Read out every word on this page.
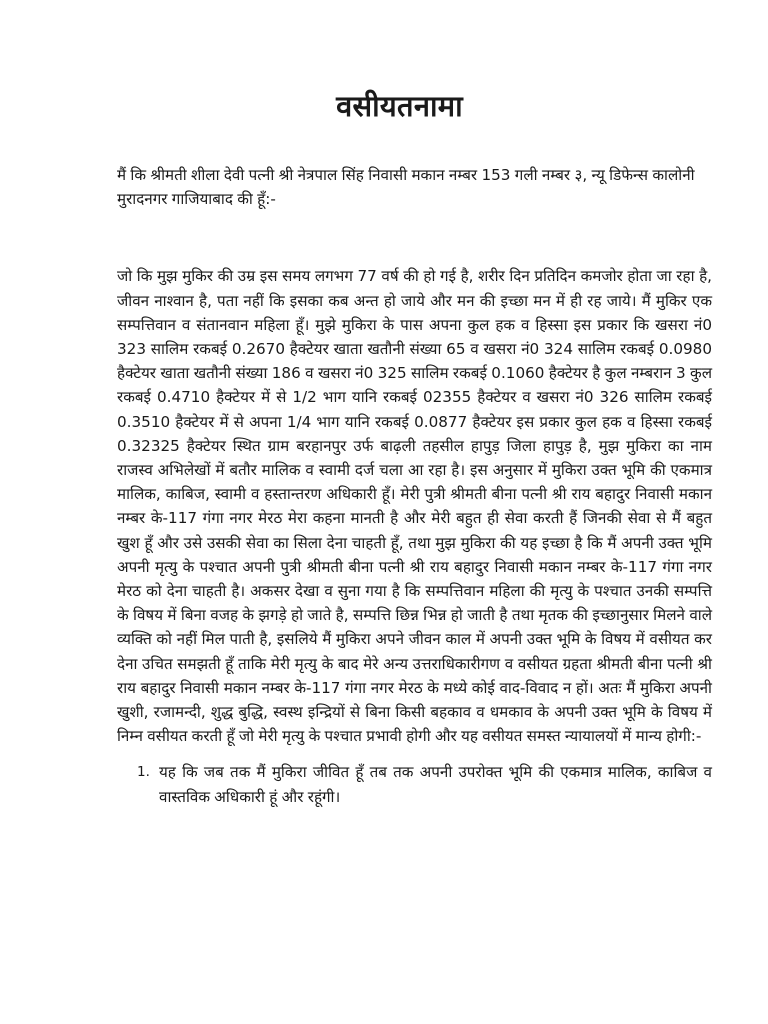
वसीयतनामा

मैं कि श्रीमती शीला देवी पत्नी श्री नेत्रपाल सिंह निवासी मकान नम्बर 153 गली नम्बर ३, न्यू डिफेन्स कालोनी मुरादनगर गाजियाबाद की हूँ:-

जो कि मुझ मुकिर की उम्र इस समय लगभग 77 वर्ष की हो गई है, शरीर दिन प्रतिदिन कमजोर होता जा रहा है, जीवन नाश्वान है, पता नहीं कि इसका कब अन्त हो जाये और मन की इच्छा मन में ही रह जाये। मैं मुकिर एक सम्पत्तिवान व संतानवान महिला हूँ। मुझे मुकिरा के पास अपना कुल हक व हिस्सा इस प्रकार कि खसरा नं0 323 सालिम रकबई 0.2670 हैक्टेयर खाता खतौनी संख्या 65 व खसरा नं0 324 सालिम रकबई 0.0980 हैक्टेयर खाता खतौनी संख्या 186 व खसरा नं0 325 सालिम रकबई 0.1060 हैक्टेयर है कुल नम्बरान 3 कुल रकबई 0.4710 हैक्टेयर में से 1/2 भाग यानि रकबई 02355 हैक्टेयर व खसरा नं0 326 सालिम रकबई 0.3510 हैक्टेयर में से अपना 1/4 भाग यानि रकबई 0.0877 हैक्टेयर इस प्रकार कुल हक व हिस्सा रकबई 0.32325 हैक्टेयर स्थित ग्राम बरहानपुर उर्फ बाढ़ली तहसील हापुड़ जिला हापुड़ है, मुझ मुकिरा का नाम राजस्व अभिलेखों में बतौर मालिक व स्वामी दर्ज चला आ रहा है। इस अनुसार में मुकिरा उक्त भूमि की एकमात्र मालिक, काबिज, स्वामी व हस्तान्तरण अधिकारी हूँ। मेरी पुत्री श्रीमती बीना पत्नी श्री राय बहादुर निवासी मकान नम्बर के-117 गंगा नगर मेरठ मेरा कहना मानती है और मेरी बहुत ही सेवा करती हैं जिनकी सेवा से मैं बहुत खुश हूँ और उसे उसकी सेवा का सिला देना चाहती हूँ, तथा मुझ मुकिरा की यह इच्छा है कि मैं अपनी उक्त भूमि अपनी मृत्यु के पश्चात अपनी पुत्री श्रीमती बीना पत्नी श्री राय बहादुर निवासी मकान नम्बर के-117 गंगा नगर मेरठ को देना चाहती है। अकसर देखा व सुना गया है कि सम्पत्तिवान महिला की मृत्यु के पश्चात उनकी सम्पत्ति के विषय में बिना वजह के झगड़े हो जाते है, सम्पत्ति छिन्न भिन्न हो जाती है तथा मृतक की इच्छानुसार मिलने वाले व्यक्ति को नहीं मिल पाती है, इसलिये मैं मुकिरा अपने जीवन काल में अपनी उक्त भूमि के विषय में वसीयत कर देना उचित समझती हूँ ताकि मेरी मृत्यु के बाद मेरे अन्य उत्तराधिकारीगण व वसीयत ग्रहता श्रीमती बीना पत्नी श्री राय बहादुर निवासी मकान नम्बर के-117 गंगा नगर मेरठ के मध्ये कोई वाद-विवाद न हों। अतः मैं मुकिरा अपनी खुशी, रजामन्दी, शुद्ध बुद्धि, स्वस्थ इन्द्रियों से बिना किसी बहकाव व धमकाव के अपनी उक्त भूमि के विषय में निम्न वसीयत करती हूँ जो मेरी मृत्यु के पश्चात प्रभावी होगी और यह वसीयत समस्त न्यायालयों में मान्य होगी:-

1. यह कि जब तक मैं मुकिरा जीवित हूँ तब तक अपनी उपरोक्त भूमि की एकमात्र मालिक, काबिज व वास्तविक अधिकारी हूं और रहूंगी।
